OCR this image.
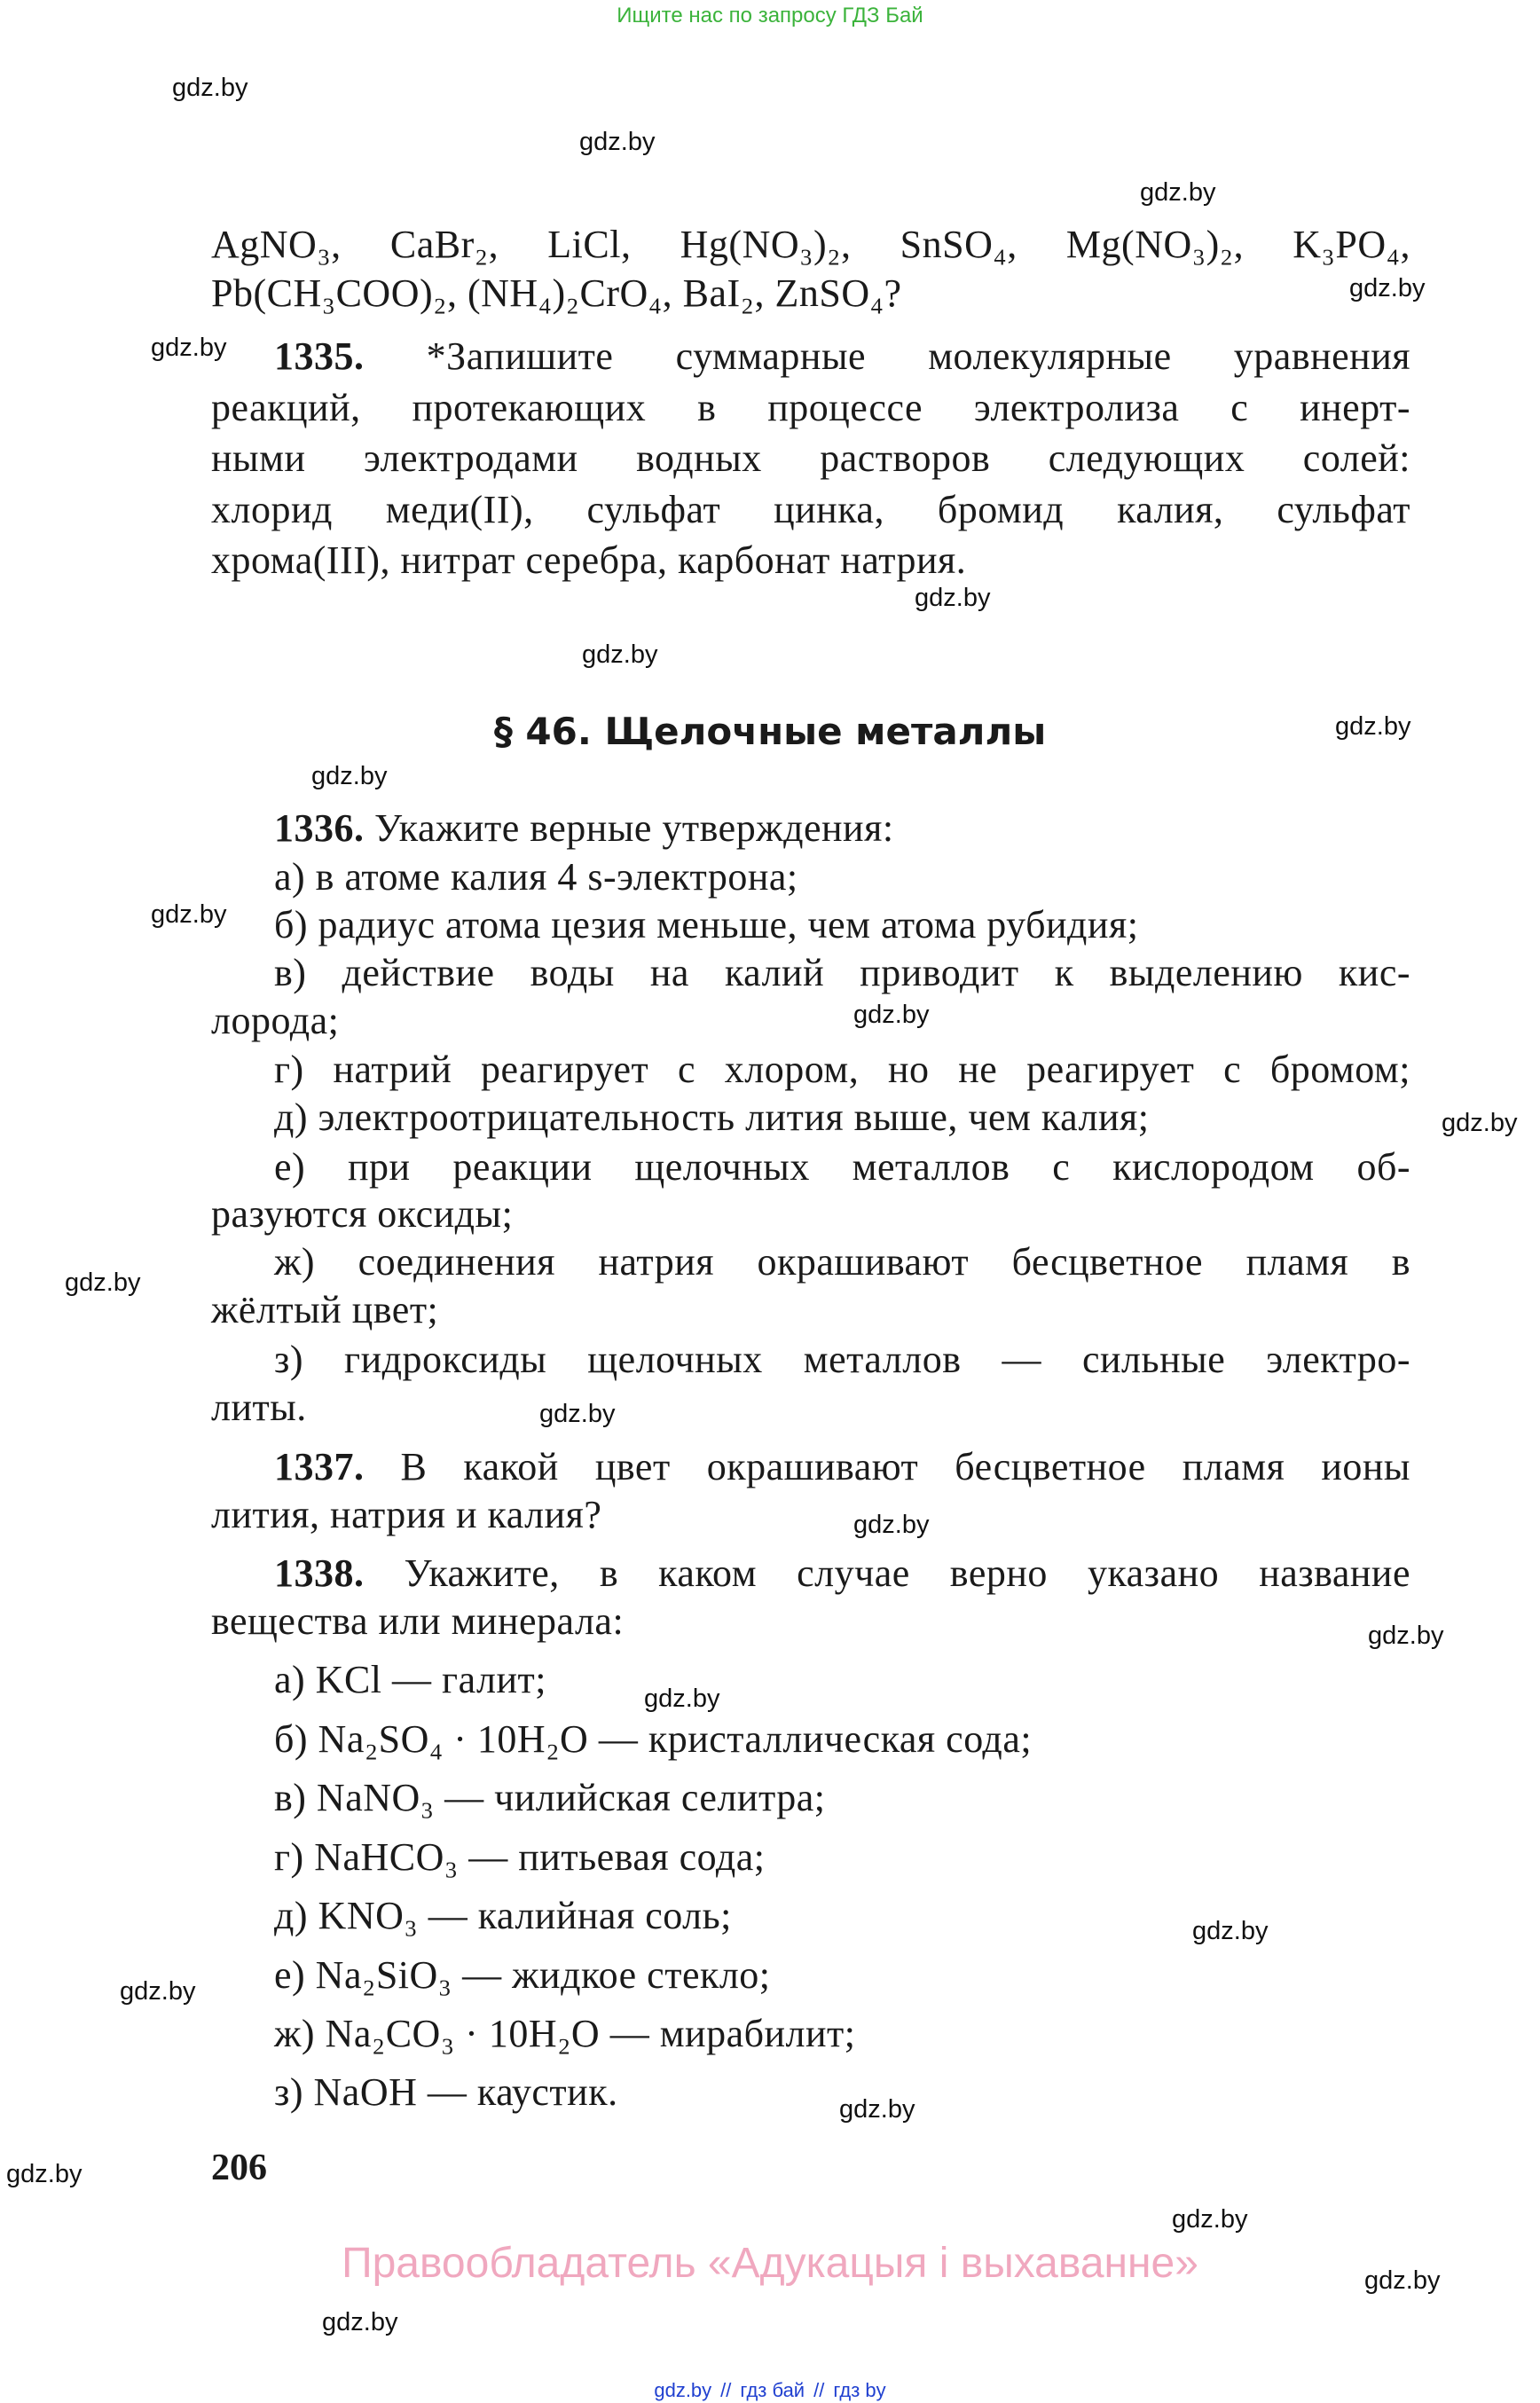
Ищите нас по запросу ГДЗ Бай
AgNO₃, CaBr₂, LiCl, Hg(NO₃)₂, SnSO₄, Mg(NO₃)₂, K₃PO₄,
Pb(CH₃COO)₂, (NH₄)₂CrO₄, BaI₂, ZnSO₄?
1335. *Запишите суммарные молекулярные уравнения
реакций, протекающих в процессе электролиза с инерт-
ными электродами водных растворов следующих солей:
хлорид меди(II), сульфат цинка, бромид калия, сульфат
хрома(III), нитрат серебра, карбонат натрия.
1336. Укажите верные утверждения:
а) в атоме калия 4 s-электрона;
б) радиус атома цезия меньше, чем атома рубидия;
в) действие воды на калий приводит к выделению кис-
лорода;
г) натрий реагирует с хлором, но не реагирует с бромом;
д) электроотрицательность лития выше, чем калия;
е) при реакции щелочных металлов с кислородом об-
разуются оксиды;
ж) соединения натрия окрашивают бесцветное пламя в
жёлтый цвет;
з) гидроксиды щелочных металлов — сильные электро-
литы.
1337. В какой цвет окрашивают бесцветное пламя ионы
лития, натрия и калия?
1338. Укажите, в каком случае верно указано название
вещества или минерала:
а) KCl — галит;
б) Na₂SO₄ · 10H₂O — кристаллическая сода;
в) NaNO₃ — чилийская селитра;
г) NaHCO₃ — питьевая сода;
д) KNO₃ — калийная соль;
е) Na₂SiO₃ — жидкое стекло;
ж) Na₂CO₃ · 10H₂O — мирабилит;
з) NaOH — каустик.
gdz.by
gdz.by
gdz.by
gdz.by
gdz.by
gdz.by
gdz.by
gdz.by
gdz.by
gdz.by
gdz.by
gdz.by
gdz.by
gdz.by
gdz.by
gdz.by
gdz.by
gdz.by
gdz.by
gdz.by
gdz.by
gdz.by
gdz.by
gdz.by
§ 46. Щелочные металлы
206
Правообладатель «Адукацыя і выхаванне»
gdz.by // гдз бай // гдз by
